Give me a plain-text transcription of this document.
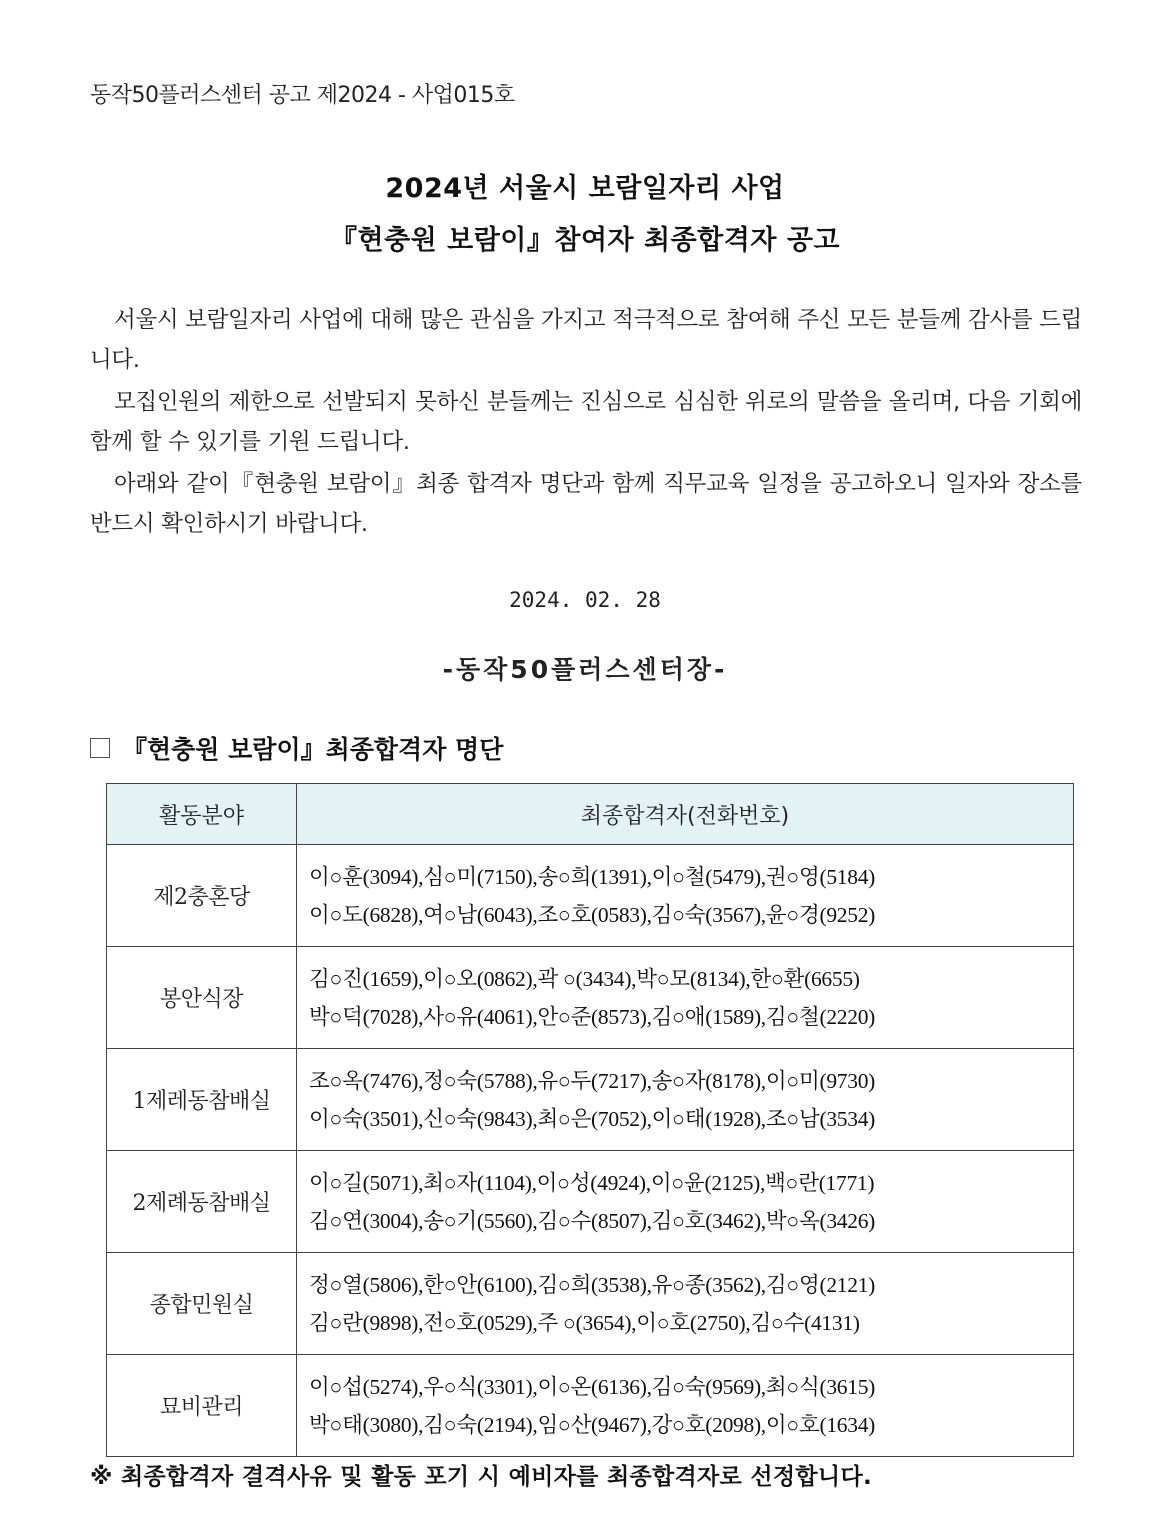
동작50플러스센터 공고 제2024 - 사업015호
2024년 서울시 보람일자리 사업
『현충원 보람이』참여자 최종합격자 공고
서울시 보람일자리 사업에 대해 많은 관심을 가지고 적극적으로 참여해 주신 모든 분들께 감사를 드립니다.
모집인원의 제한으로 선발되지 못하신 분들께는 진심으로 심심한 위로의 말씀을 올리며, 다음 기회에 함께 할 수 있기를 기원 드립니다.
아래와 같이『현충원 보람이』최종 합격자 명단과 함께 직무교육 일정을 공고하오니 일자와 장소를 반드시 확인하시기 바랍니다.
2024. 02. 28
-동작50플러스센터장-
『현충원 보람이』최종합격자 명단
활동분야	최종합격자(전화번호)
제2충혼당	이○훈(3094),심○미(7150),송○희(1391),이○철(5479),권○영(5184)
이○도(6828),여○남(6043),조○호(0583),김○숙(3567),윤○경(9252)

봉안식장	김○진(1659),이○오(0862),곽 ○(3434),박○모(8134),한○환(6655)
박○덕(7028),사○유(4061),안○준(8573),김○애(1589),김○철(2220)

1제레동참배실	조○옥(7476),정○숙(5788),유○두(7217),송○자(8178),이○미(9730)
이○숙(3501),신○숙(9843),최○은(7052),이○태(1928),조○남(3534)

2제례동참배실	이○길(5071),최○자(1104),이○성(4924),이○윤(2125),백○란(1771)
김○연(3004),송○기(5560),김○수(8507),김○호(3462),박○옥(3426)

종합민원실	정○열(5806),한○안(6100),김○희(3538),유○종(3562),김○영(2121)
김○란(9898),전○호(0529),주 ○(3654),이○호(2750),김○수(4131)

묘비관리	이○섭(5274),우○식(3301),이○온(6136),김○숙(9569),최○식(3615)
박○태(3080),김○숙(2194),임○산(9467),강○호(2098),이○호(1634)
※ 최종합격자 결격사유 및 활동 포기 시 예비자를 최종합격자로 선정합니다.
